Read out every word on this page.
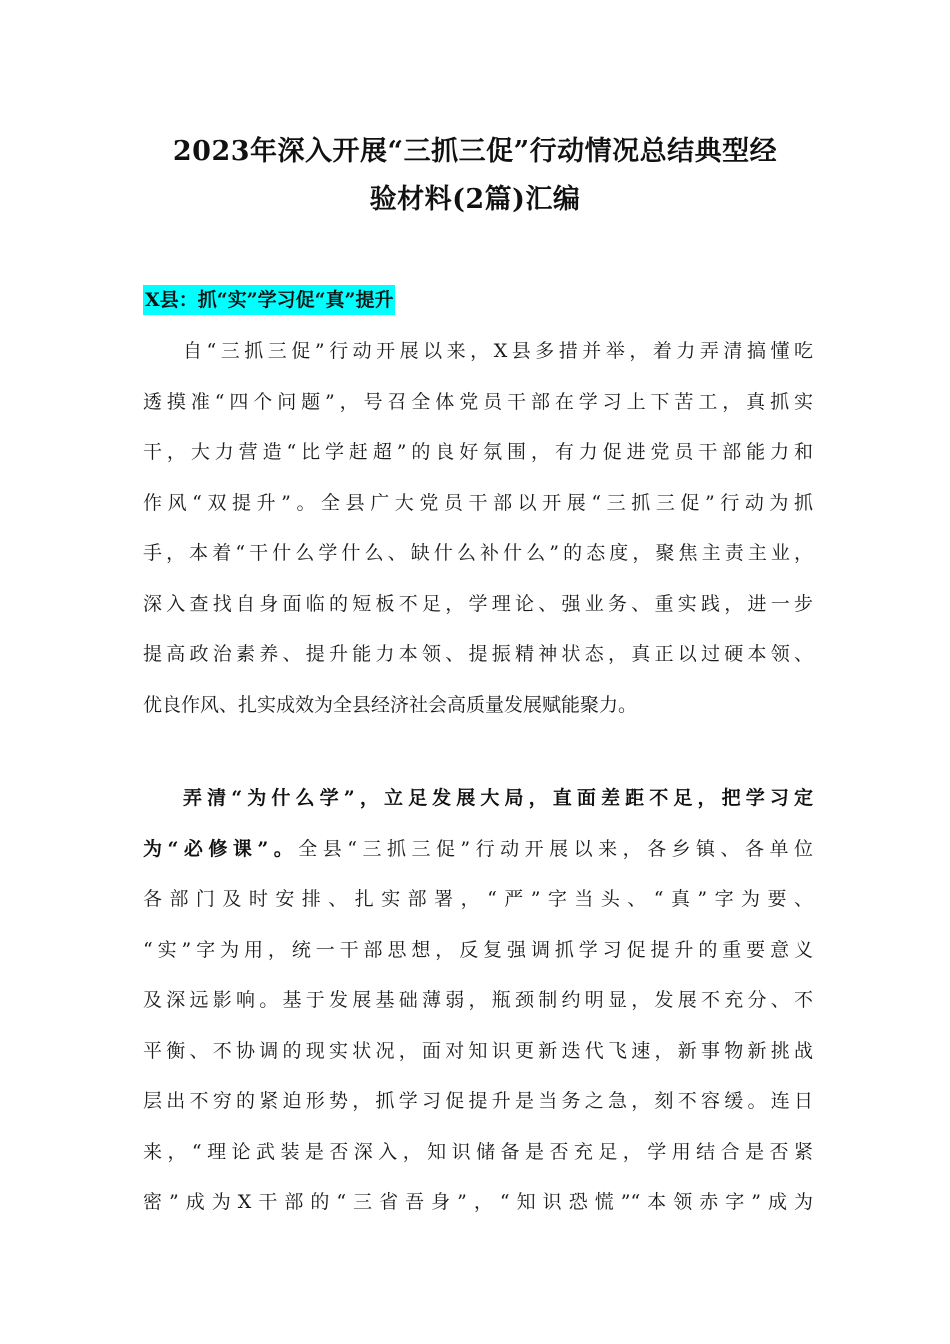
2023年深入开展“三抓三促”行动情况总结典型经
验材料(2篇)汇编
X县：抓“实”学习促“真”提升
自“三抓三促”行动开展以来，X县多措并举，着力弄清搞懂吃
透摸准“四个问题”，号召全体党员干部在学习上下苦工，真抓实
干，大力营造“比学赶超”的良好氛围，有力促进党员干部能力和
作风“双提升”。全县广大党员干部以开展“三抓三促”行动为抓
手，本着“干什么学什么、缺什么补什么”的态度，聚焦主责主业，
深入查找自身面临的短板不足，学理论、强业务、重实践，进一步
提高政治素养、提升能力本领、提振精神状态，真正以过硬本领、
优良作风、扎实成效为全县经济社会高质量发展赋能聚力。
弄清“为什么学”，立足发展大局，直面差距不足，把学习定
为“必修课”。全县“三抓三促”行动开展以来，各乡镇、各单位
各部门及时安排、扎实部署，“严”字当头、“真”字为要、
“实”字为用，统一干部思想，反复强调抓学习促提升的重要意义
及深远影响。基于发展基础薄弱，瓶颈制约明显，发展不充分、不
平衡、不协调的现实状况，面对知识更新迭代飞速，新事物新挑战
层出不穷的紧迫形势，抓学习促提升是当务之急，刻不容缓。连日
来，“理论武装是否深入，知识储备是否充足，学用结合是否紧
密”成为X干部的“三省吾身”，“知识恐慌”“本领赤字”成为
